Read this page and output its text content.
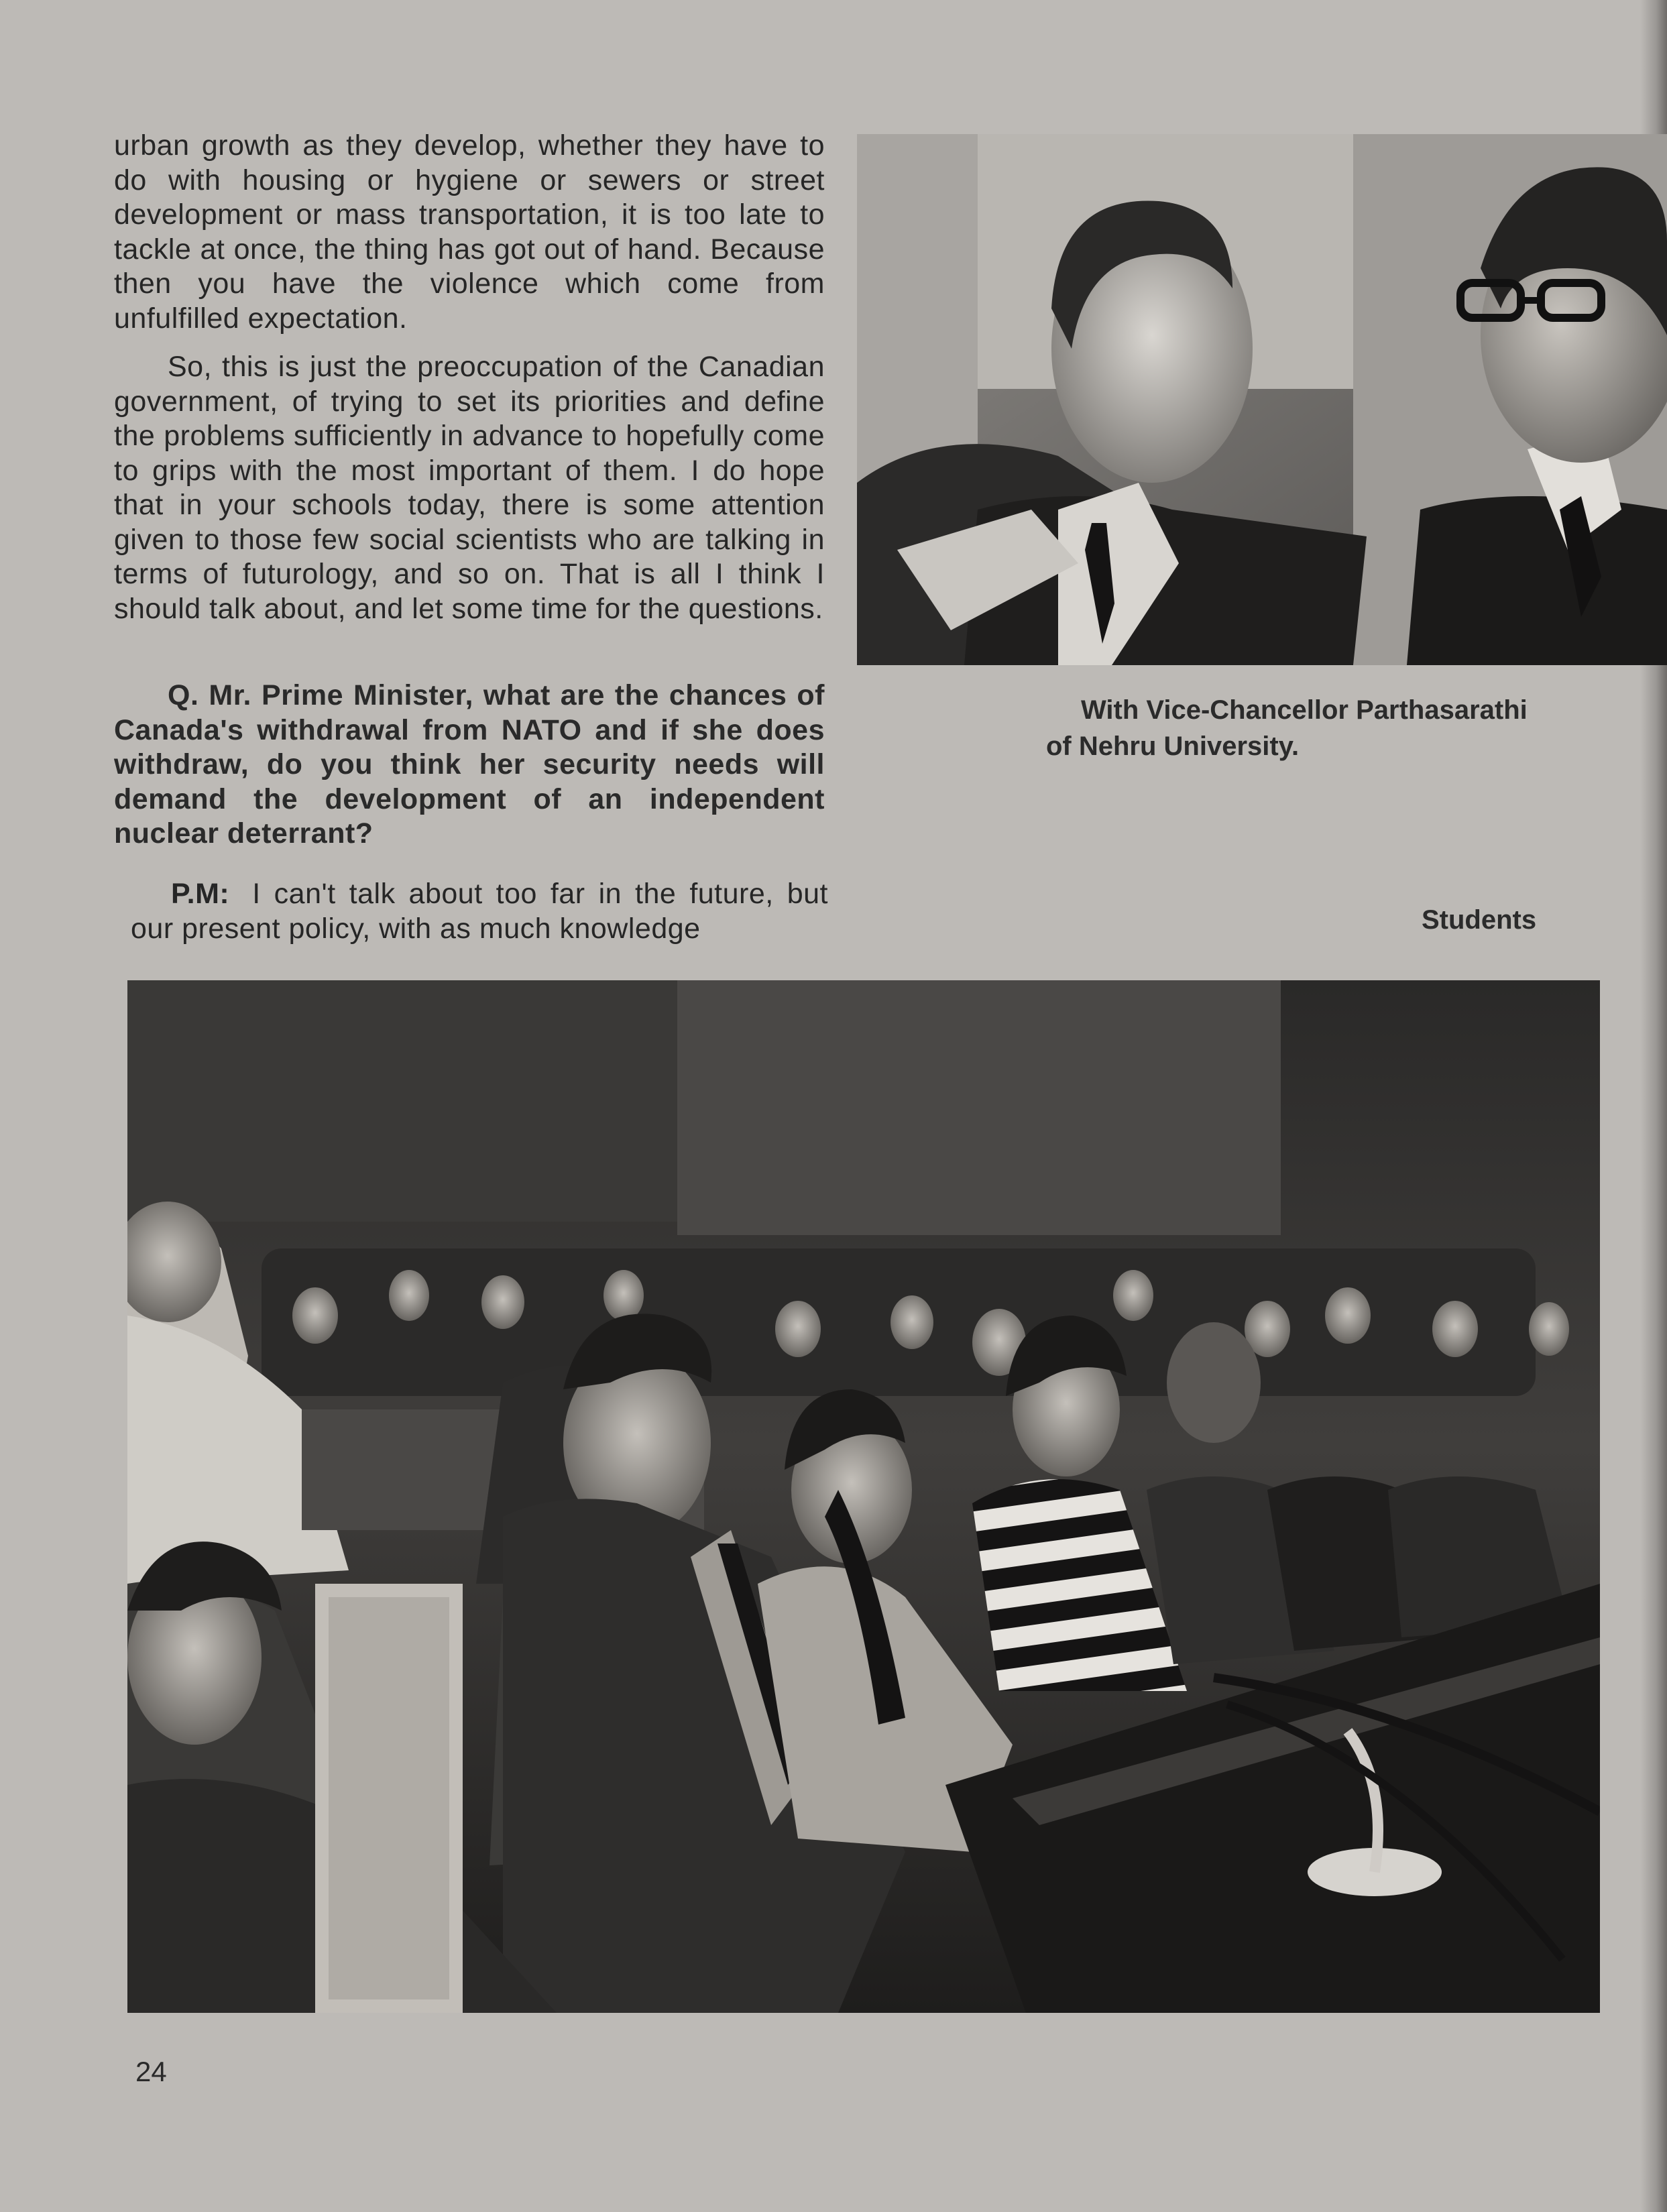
urban growth as they develop, whether they have to do with housing or hygiene or sewers or street development or mass transportation, it is too late to tackle at once, the thing has got out of hand. Because then you have the violence which come from unfulfilled expectation.

So, this is just the preoccupation of the Canadian government, of trying to set its priorities and define the problems sufficiently in advance to hopefully come to grips with the most important of them. I do hope that in your schools today, there is some attention given to those few social scientists who are talking in terms of futurology, and so on. That is all I think I should talk about, and let some time for the questions.

Q. Mr. Prime Minister, what are the chances of Canada's withdrawal from NATO and if she does withdraw, do you think her security needs will demand the development of an independent nuclear deterrant?

P.M: I can't talk about too far in the future, but our present policy, with as much knowledge

With Vice-Chancellor Parthasarathi
of Nehru University.

Students
24
